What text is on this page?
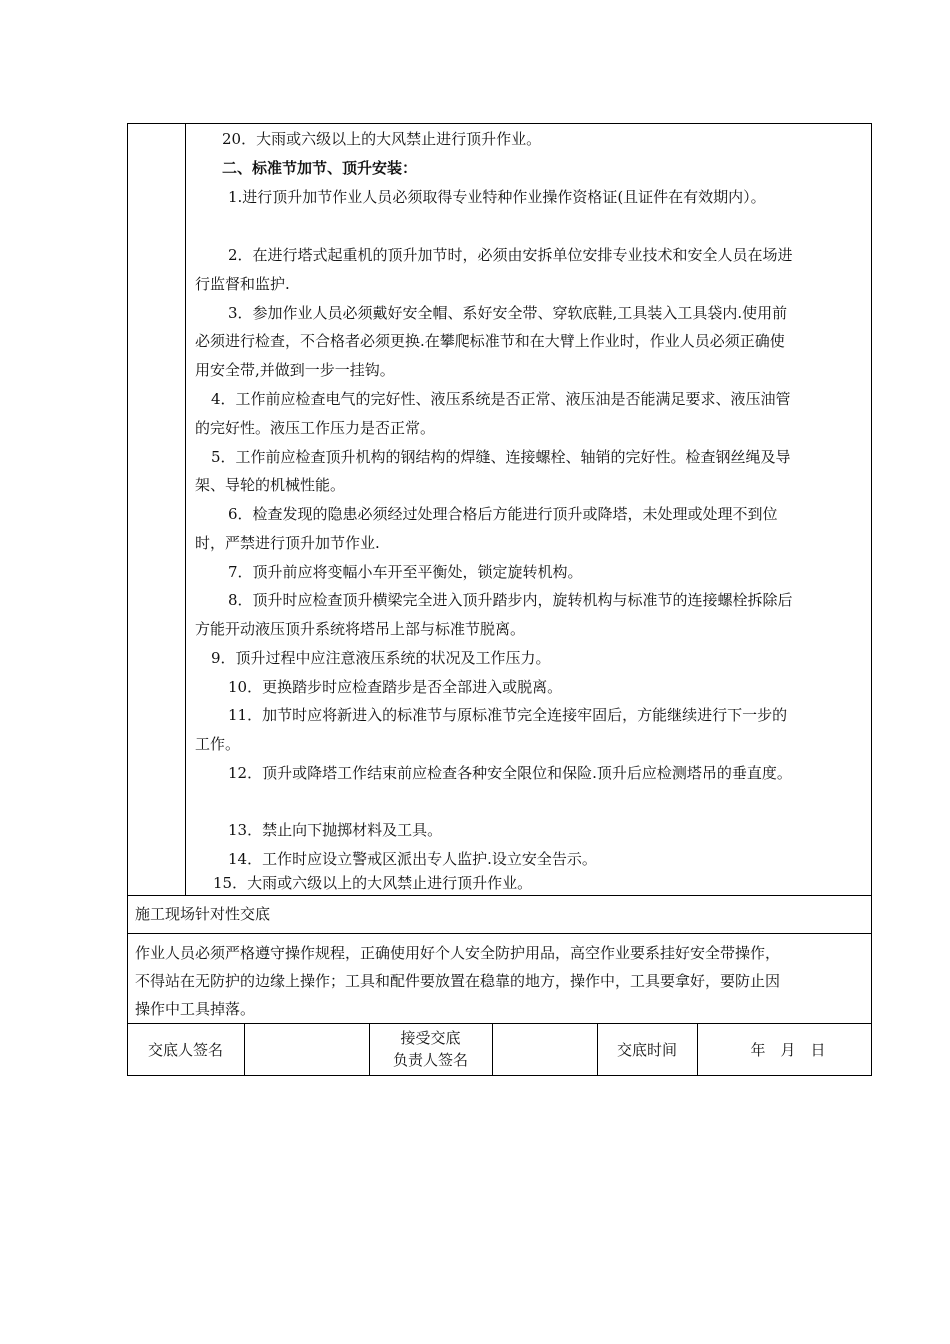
20．大雨或六级以上的大风禁止进行顶升作业。
二、标准节加节、顶升安装：
1.进行顶升加节作业人员必须取得专业特种作业操作资格证(且证件在有效期内）。
2．在进行塔式起重机的顶升加节时，必须由安拆单位安排专业技术和安全人员在场进
行监督和监护.
3．参加作业人员必须戴好安全帽、系好安全带、穿软底鞋,工具装入工具袋内.使用前
必须进行检查，不合格者必须更换.在攀爬标准节和在大臂上作业时，作业人员必须正确使
用安全带,并做到一步一挂钩。
4．工作前应检查电气的完好性、液压系统是否正常、液压油是否能满足要求、液压油管
的完好性。液压工作压力是否正常。
5．工作前应检查顶升机构的钢结构的焊缝、连接螺栓、轴销的完好性。检查钢丝绳及导
架、导轮的机械性能。
6．检查发现的隐患必须经过处理合格后方能进行顶升或降塔，未处理或处理不到位
时，严禁进行顶升加节作业.
7．顶升前应将变幅小车开至平衡处，锁定旋转机构。
8．顶升时应检查顶升横梁完全进入顶升踏步内，旋转机构与标准节的连接螺栓拆除后
方能开动液压顶升系统将塔吊上部与标准节脱离。
9．顶升过程中应注意液压系统的状况及工作压力。
10．更换踏步时应检查踏步是否全部进入或脱离。
11．加节时应将新进入的标准节与原标准节完全连接牢固后，方能继续进行下一步的
工作。
12．顶升或降塔工作结束前应检查各种安全限位和保险.顶升后应检测塔吊的垂直度。
13．禁止向下抛掷材料及工具。
14．工作时应设立警戒区派出专人监护.设立安全告示。
15．大雨或六级以上的大风禁止进行顶升作业。
施工现场针对性交底
作业人员必须严格遵守操作规程，正确使用好个人安全防护用品，高空作业要系挂好安全带操作，
不得站在无防护的边缘上操作；工具和配件要放置在稳靠的地方，操作中，工具要拿好，要防止因
操作中工具掉落。
交底人签名
接受交底
负责人签名
交底时间	年　月　日
